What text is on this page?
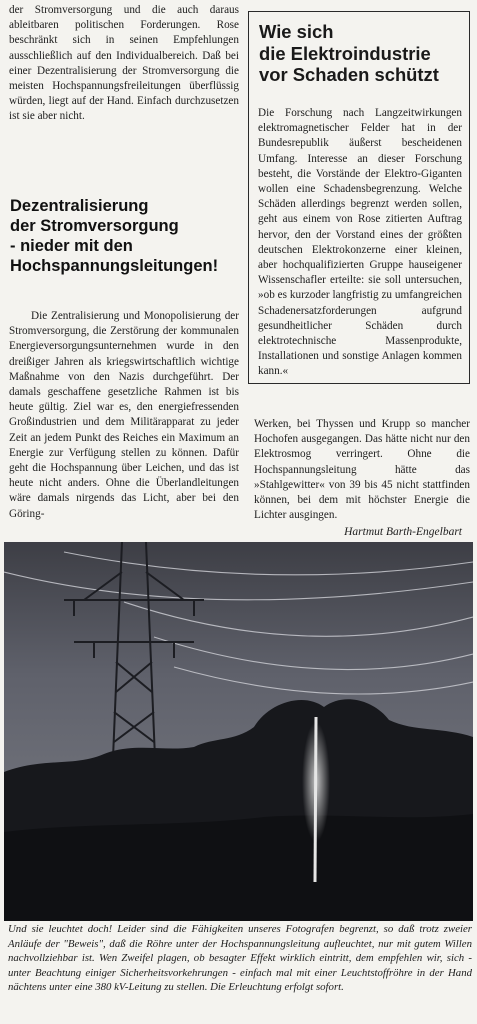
der Stromversorgung und die auch daraus ableitbaren politischen Forderungen. Rose beschränkt sich in seinen Empfehlungen ausschließlich auf den Individualbereich. Daß bei einer Dezentralisierung der Stromversorgung die meisten Hochspannungsfreileitungen überflüssig würden, liegt auf der Hand. Einfach durchzusetzen ist sie aber nicht.

Dezentralisierung
der Stromversorgung
- nieder mit den
Hochspannungsleitungen!

Die Zentralisierung und Monopolisierung der Stromversorgung, die Zerstörung der kommunalen Energieversorgungsunternehmen wurde in den dreißiger Jahren als kriegswirtschaftlich wichtige Maßnahme von den Nazis durchgeführt. Der damals geschaffene gesetzliche Rahmen ist bis heute gültig. Ziel war es, den energiefressenden Großindustrien und dem Militärapparat zu jeder Zeit an jedem Punkt des Reiches ein Maximum an Energie zur Verfügung stellen zu können. Dafür geht die Hochspannung über Leichen, und das ist heute nicht anders. Ohne die Überlandleitungen wäre damals nirgends das Licht, aber bei den Göring-

Wie sich
die Elektroindustrie
vor Schaden schützt

Die Forschung nach Langzeitwirkungen elektromagnetischer Felder hat in der Bundesrepublik äußerst bescheidenen Umfang. Interesse an dieser Forschung besteht, die Vorstände der Elektro-Giganten wollen eine Schadensbegrenzung. Welche Schäden allerdings begrenzt werden sollen, geht aus einem von Rose zitierten Auftrag hervor, den der Vorstand eines der größten deutschen Elektrokonzerne einer kleinen, aber hochqualifizierten Gruppe hauseigener Wissenschafler erteilte: sie soll untersuchen, »ob es kurzoder langfristig zu umfangreichen Schadenersatzforderungen aufgrund gesundheitlicher Schäden durch elektrotechnische Massenprodukte, Installationen und sonstige Anlagen kommen kann.«

Werken, bei Thyssen und Krupp so mancher Hochofen ausgegangen. Das hätte nicht nur den Elektrosmog verringert. Ohne die Hochspannungsleitung hätte das »Stahlgewitter« von 39 bis 45 nicht stattfinden können, bei dem mit höchster Energie die Lichter ausgingen.

Hartmut Barth-Engelbart

Und sie leuchtet doch! Leider sind die Fähigkeiten unseres Fotografen begrenzt, so daß trotz zweier Anläufe der "Beweis", daß die Röhre unter der Hochspannungsleitung aufleuchtet, nur mit gutem Willen nachvollziehbar ist. Wen Zweifel plagen, ob besagter Effekt wirklich eintritt, dem empfehlen wir, sich - unter Beachtung einiger Sicherheitsvorkehrungen - einfach mal mit einer Leuchtstoffröhre in der Hand nächtens unter eine 380 kV-Leitung zu stellen. Die Erleuchtung erfolgt sofort.
